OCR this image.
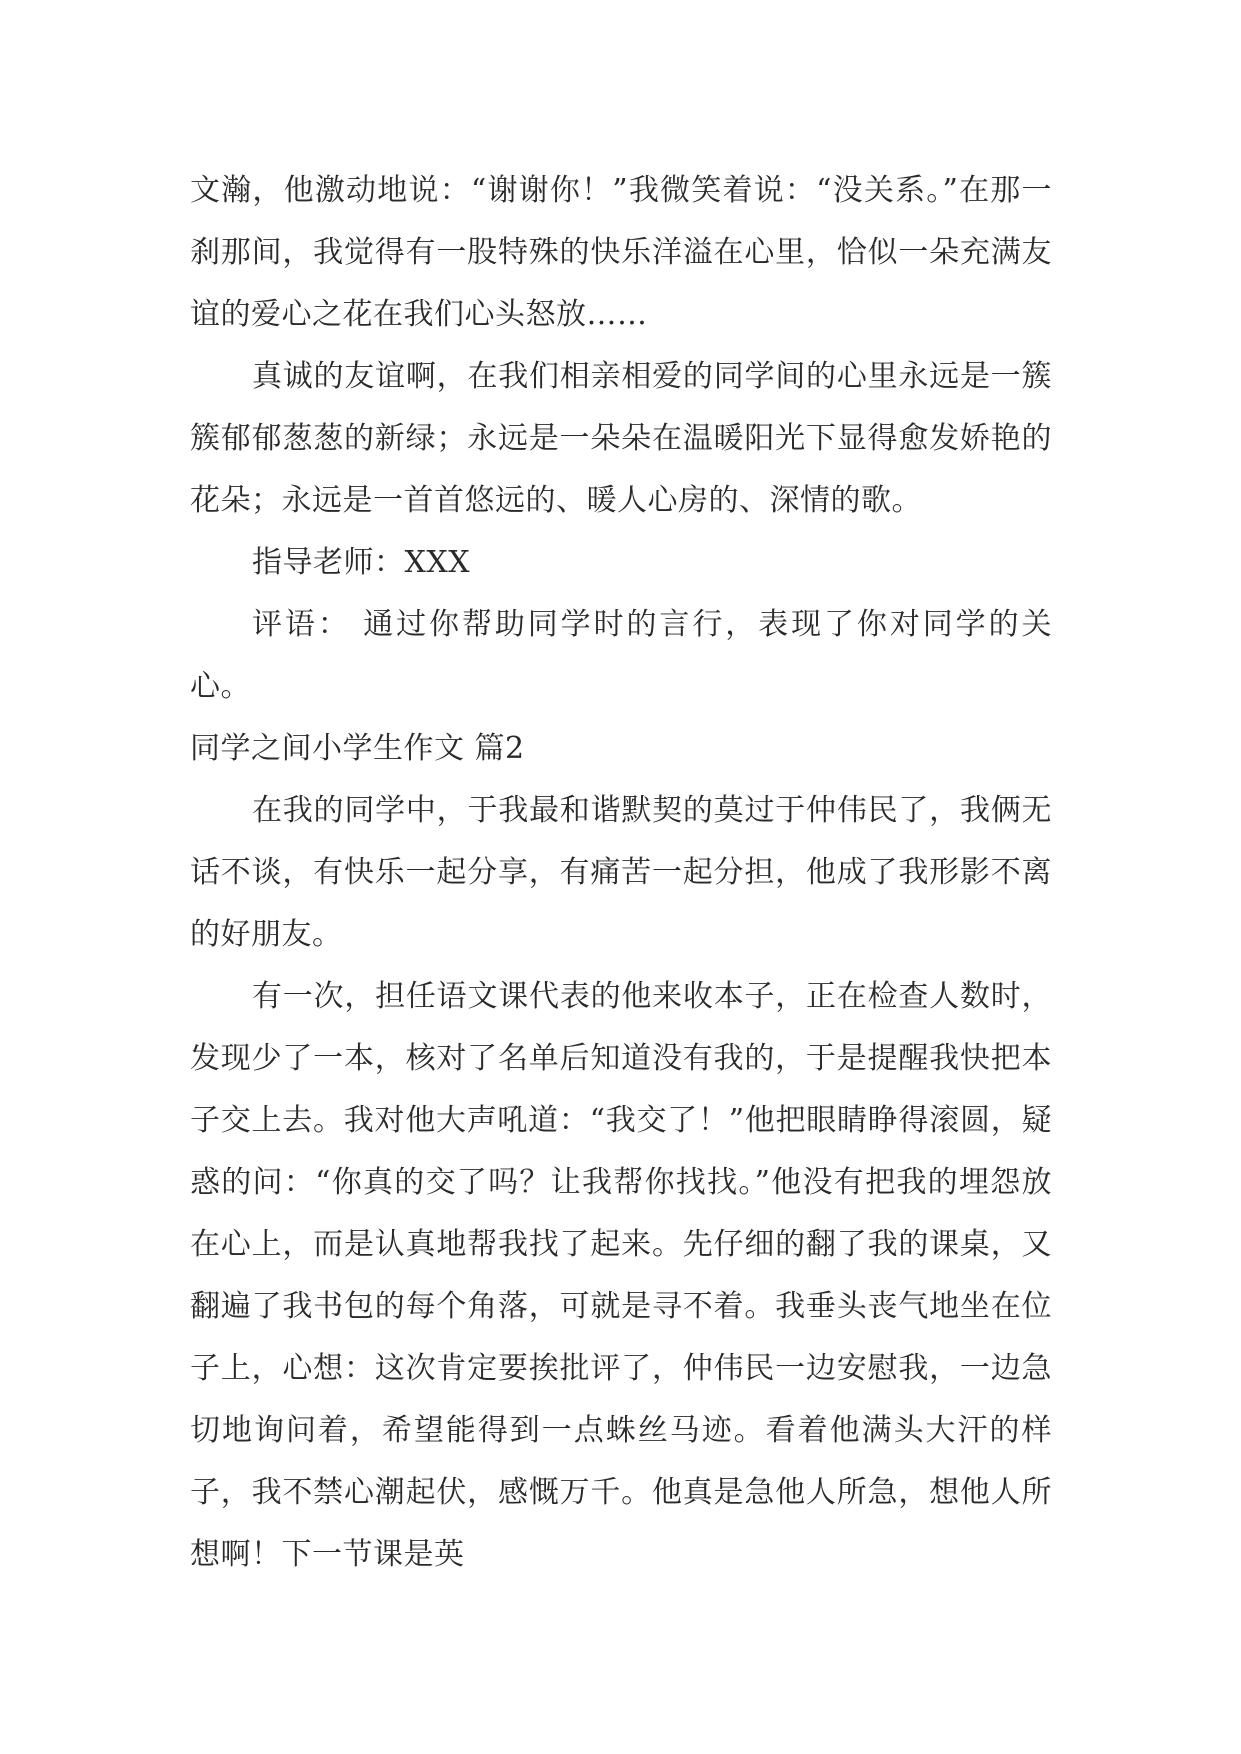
文瀚，他激动地说：“谢谢你！”我微笑着说：“没关系。”在那一刹那间，我觉得有一股特殊的快乐洋溢在心里，恰似一朵充满友谊的爱心之花在我们心头怒放……

真诚的友谊啊，在我们相亲相爱的同学间的心里永远是一簇簇郁郁葱葱的新绿；永远是一朵朵在温暖阳光下显得愈发娇艳的花朵；永远是一首首悠远的、暖人心房的、深情的歌。

指导老师：XXX

评语： 通过你帮助同学时的言行，表现了你对同学的关心。

同学之间小学生作文 篇2

在我的同学中，于我最和谐默契的莫过于仲伟民了，我俩无话不谈，有快乐一起分享，有痛苦一起分担，他成了我形影不离的好朋友。

有一次，担任语文课代表的他来收本子，正在检查人数时，发现少了一本，核对了名单后知道没有我的，于是提醒我快把本子交上去。我对他大声吼道：“我交了！”他把眼睛睁得滚圆，疑惑的问：“你真的交了吗？让我帮你找找。”他没有把我的埋怨放在心上，而是认真地帮我找了起来。先仔细的翻了我的课桌，又翻遍了我书包的每个角落，可就是寻不着。我垂头丧气地坐在位子上，心想：这次肯定要挨批评了，仲伟民一边安慰我，一边急切地询问着，希望能得到一点蛛丝马迹。看着他满头大汗的样子，我不禁心潮起伏，感慨万千。他真是急他人所急，想他人所想啊！下一节课是英
